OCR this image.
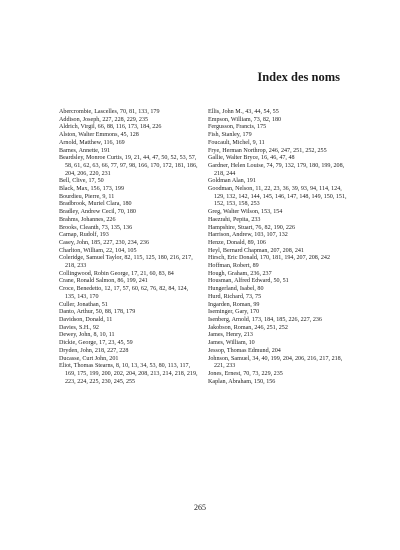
Index des noms

Abercrombie, Lascelles, 70, 81, 133, 179

Addison, Joseph, 227, 228, 229, 235

Aldrich, Virgil, 66, 88, 116, 173, 184, 226

Alston, Walter Emmons, 45, 128

Arnold, Matthew, 116, 169

Barnes, Annette, 191

Beardsley, Monroe Curtis, 19, 21, 44, 47, 50, 52, 53, 57, 58, 61, 62, 63, 66, 77, 97, 98, 166, 170, 172, 181, 186, 204, 206, 220, 231

Bell, Clive, 17, 50

Black, Max, 156, 173, 199

Bourdieu, Pierre, 9, 11

Bradbrook, Muriel Clara, 180

Bradley, Andrew Cecil, 70, 180

Brahms, Johannes, 226

Brooks, Cleanth, 73, 135, 136

Carnap, Rudolf, 193

Casey, John, 185, 227, 230, 234, 236

Charlton, William, 22, 104, 105

Coleridge, Samuel Taylor, 82, 115, 125, 180, 216, 217, 218, 233

Collingwood, Robin George, 17, 21, 60, 83, 84

Crane, Ronald Salmon, 86, 199, 241

Croce, Benedetto, 12, 17, 57, 60, 62, 76, 82, 84, 124, 135, 143, 170

Culler, Jonathan, 51

Danto, Arthur, 50, 88, 178, 179

Davidson, Donald, 11

Davies, S.H., 92

Dewey, John, 8, 10, 11

Dickie, George, 17, 23, 45, 59

Dryden, John, 218, 227, 228

Ducasse, Curt John, 201

Eliot, Thomas Stearns, 8, 10, 13, 34, 53, 80, 113, 117, 169, 175, 199, 200, 202, 204, 208, 213, 214, 218, 219, 223, 224, 225, 230, 245, 255

Ellis, John M., 43, 44, 54, 55

Empson, William, 73, 82, 180

Fergusson, Francis, 175

Fish, Stanley, 179

Foucault, Michel, 9, 11

Frye, Herman Northrop, 246, 247, 251, 252, 255

Gallie, Walter Bryce, 16, 46, 47, 48

Gardner, Helen Louise, 74, 79, 132, 179, 180, 199, 208, 218, 244

Goldman Alan, 191

Goodman, Nelson, 11, 22, 23, 36, 39, 93, 94, 114, 124, 129, 132, 142, 144, 145, 146, 147, 148, 149, 150, 151, 152, 153, 158, 253

Greg, Walter Wilson, 153, 154

Haezrahi, Pepita, 233

Hampshire, Stuart, 76, 82, 190, 226

Harrison, Andrew, 103, 107, 132

Henze, Donald, 89, 106

Heyl, Bernard Chapman, 207, 208, 241

Hirsch, Eric Donald, 170, 181, 194, 207, 208, 242

Hoffman, Robert, 89

Hough, Graham, 236, 237

Housman, Alfred Edward, 50, 51

Hungerland, Isabel, 80

Hurd, Richard, 73, 75

Ingarden, Roman, 99

Iseminger, Gary, 170

Isenberg, Arnold, 173, 184, 185, 226, 227, 236

Jakobson, Roman, 246, 251, 252

James, Henry, 213

James, William, 10

Jessop, Thomas Edmund, 204

Johnson, Samuel, 34, 40, 199, 204, 206, 216, 217, 218, 221, 233

Jones, Ernest, 70, 73, 229, 235

Kaplan, Abraham, 150, 156

265
